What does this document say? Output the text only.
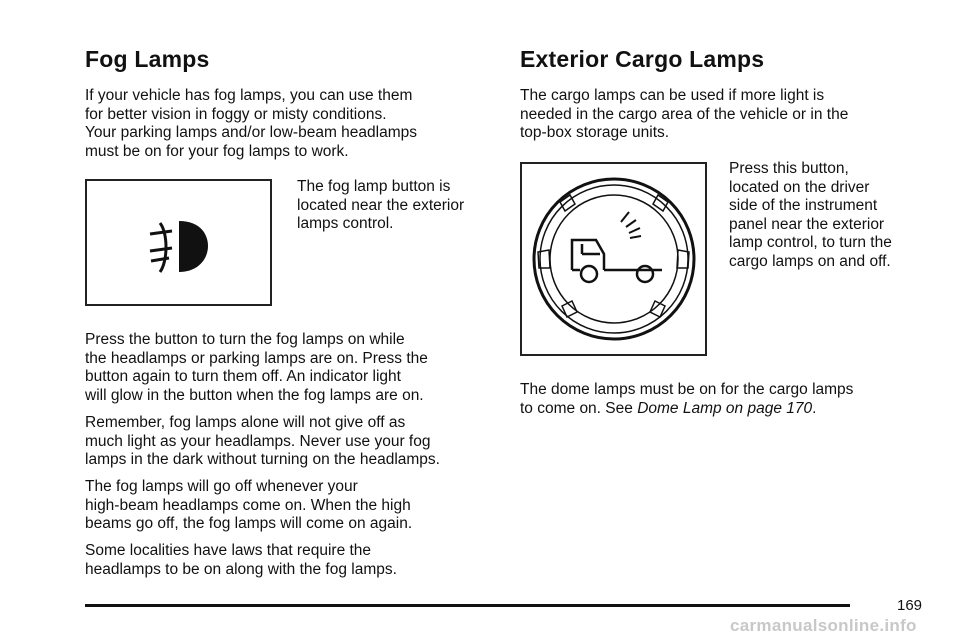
Fog Lamps

If your vehicle has fog lamps, you can use them
for better vision in foggy or misty conditions.
Your parking lamps and/or low-beam headlamps
must be on for your fog lamps to work.

The fog lamp button is
located near the exterior
lamps control.

Press the button to turn the fog lamps on while
the headlamps or parking lamps are on. Press the
button again to turn them off. An indicator light
will glow in the button when the fog lamps are on.

Remember, fog lamps alone will not give off as
much light as your headlamps. Never use your fog
lamps in the dark without turning on the headlamps.

The fog lamps will go off whenever your
high-beam headlamps come on. When the high
beams go off, the fog lamps will come on again.

Some localities have laws that require the
headlamps to be on along with the fog lamps.

Exterior Cargo Lamps

The cargo lamps can be used if more light is
needed in the cargo area of the vehicle or in the
top-box storage units.

Press this button,
located on the driver
side of the instrument
panel near the exterior
lamp control, to turn the
cargo lamps on and off.

The dome lamps must be on for the cargo lamps
to come on. See Dome Lamp on page 170.

169
carmanualsonline.info
